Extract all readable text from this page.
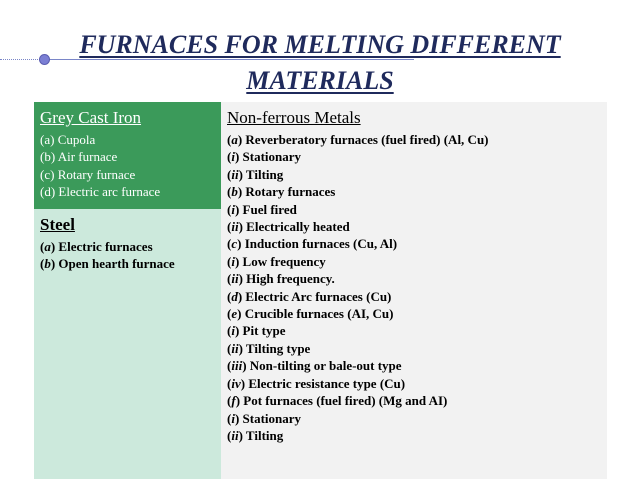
FURNACES FOR MELTING DIFFERENT
MATERIALS

Grey Cast Iron

(a) Cupola

(b) Air furnace

(c) Rotary furnace

(d) Electric arc furnace

Steel

(a) Electric furnaces

(b) Open hearth furnace

Non-ferrous Metals

(a) Reverberatory furnaces (fuel fired) (Al, Cu)

(i) Stationary

(ii) Tilting

(b) Rotary furnaces

(i) Fuel fired

(ii) Electrically heated

(c) Induction furnaces (Cu, Al)

(i) Low frequency

(ii) High frequency.

(d) Electric Arc furnaces (Cu)

(e) Crucible furnaces (AI, Cu)

(i) Pit type

(ii) Tilting type

(iii) Non-tilting or bale-out type

(iv) Electric resistance type (Cu)

(f) Pot furnaces (fuel fired) (Mg and AI)

(i) Stationary

(ii) Tilting
